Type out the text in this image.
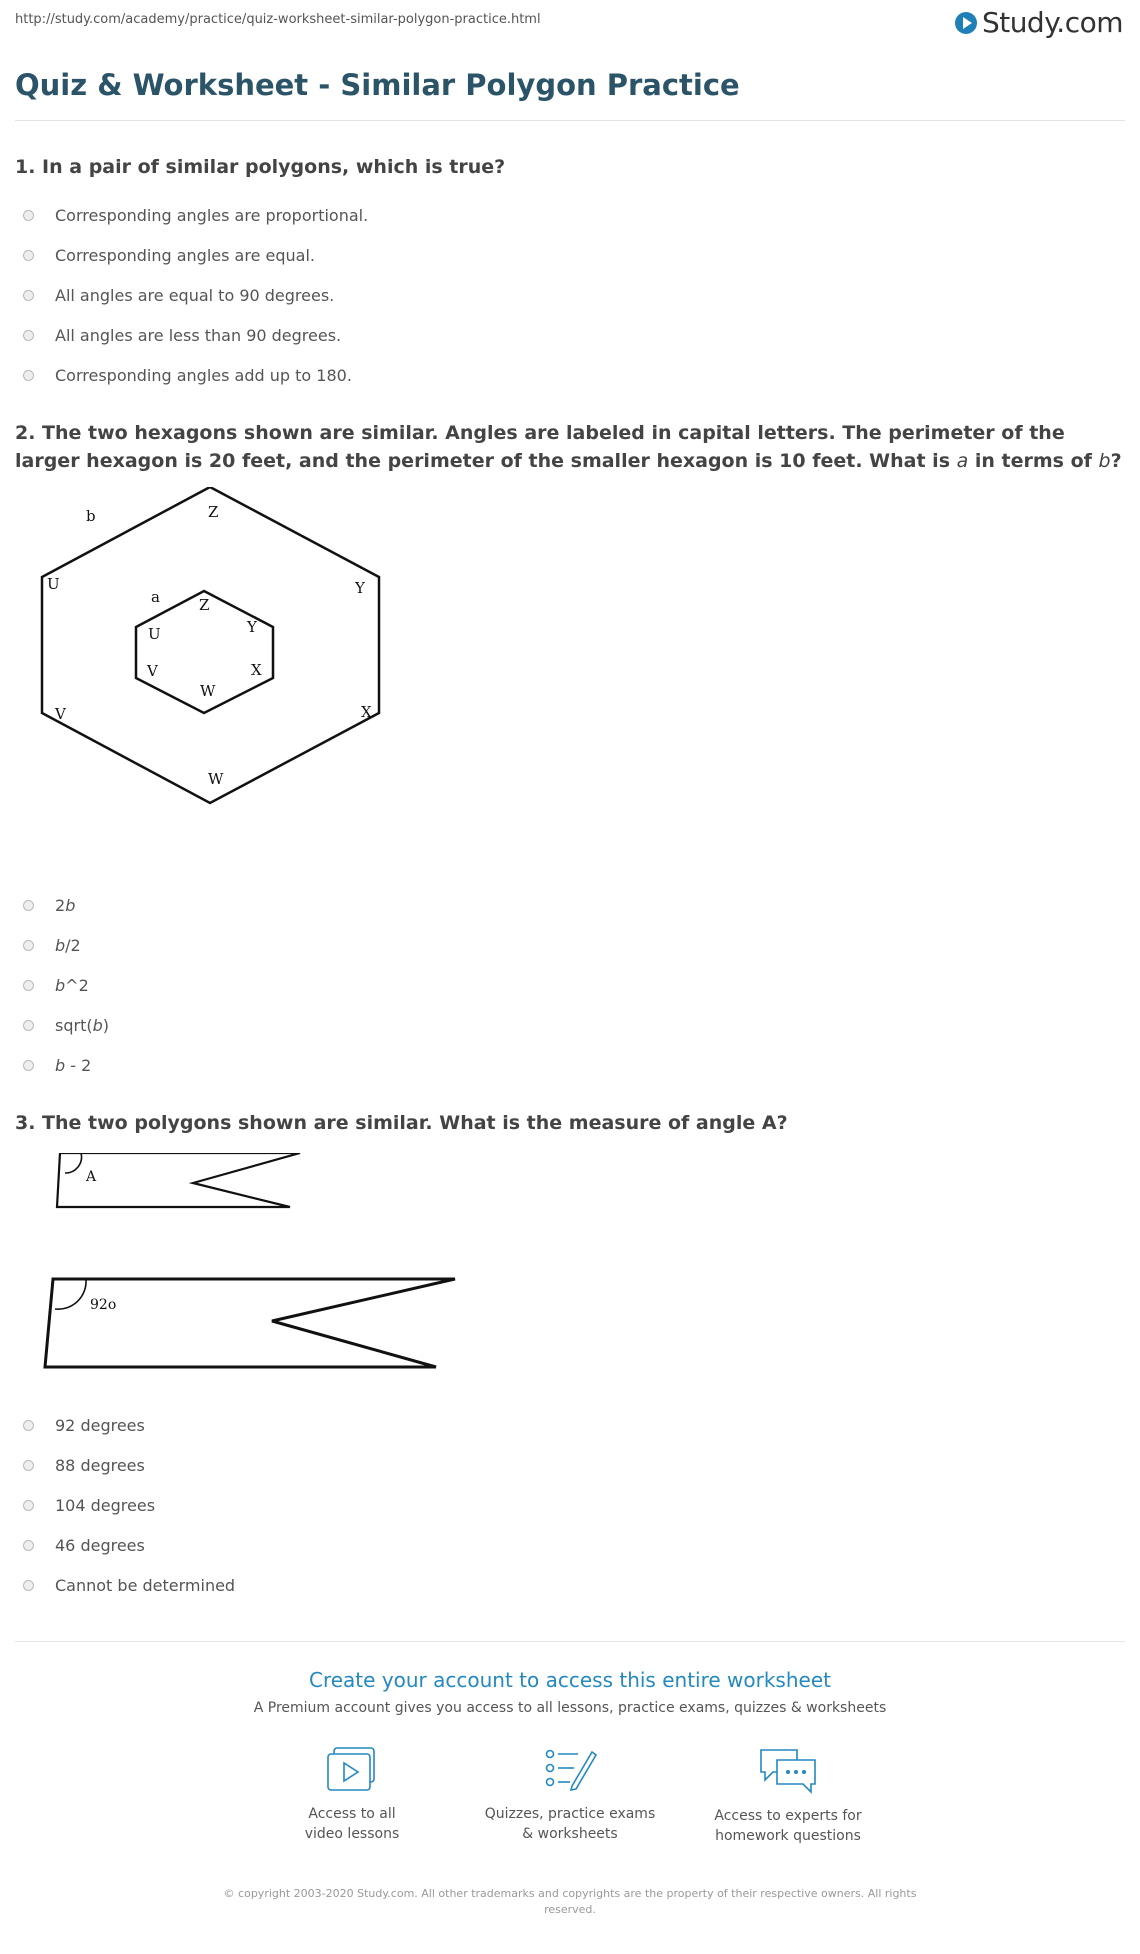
http://study.com/academy/practice/quiz-worksheet-similar-polygon-practice.html	Study.com
Quiz & Worksheet - Similar Polygon Practice

1. In a pair of similar polygons, which is true?

Corresponding angles are proportional.
Corresponding angles are equal.
All angles are equal to 90 degrees.
All angles are less than 90 degrees.
Corresponding angles add up to 180.

2. The two hexagons shown are similar. Angles are labeled in capital letters. The perimeter of the larger hexagon is 20 feet, and the perimeter of the smaller hexagon is 10 feet. What is a in terms of b?

b
a
Z
Y
X
W
V
U
Z
Y
X
W
V
U
2b
b/2
b^2
sqrt(b)
b - 2

3. The two polygons shown are similar. What is the measure of angle A?

A
92o
92 degrees
88 degrees
104 degrees
46 degrees
Cannot be determined
Create your account to access this entire worksheet
A Premium account gives you access to all lessons, practice exams, quizzes & worksheets
Access to all
video lessons
Quizzes, practice exams
& worksheets
Access to experts for
homework questions
© copyright 2003-2020 Study.com. All other trademarks and copyrights are the property of their respective owners. All rights reserved.
